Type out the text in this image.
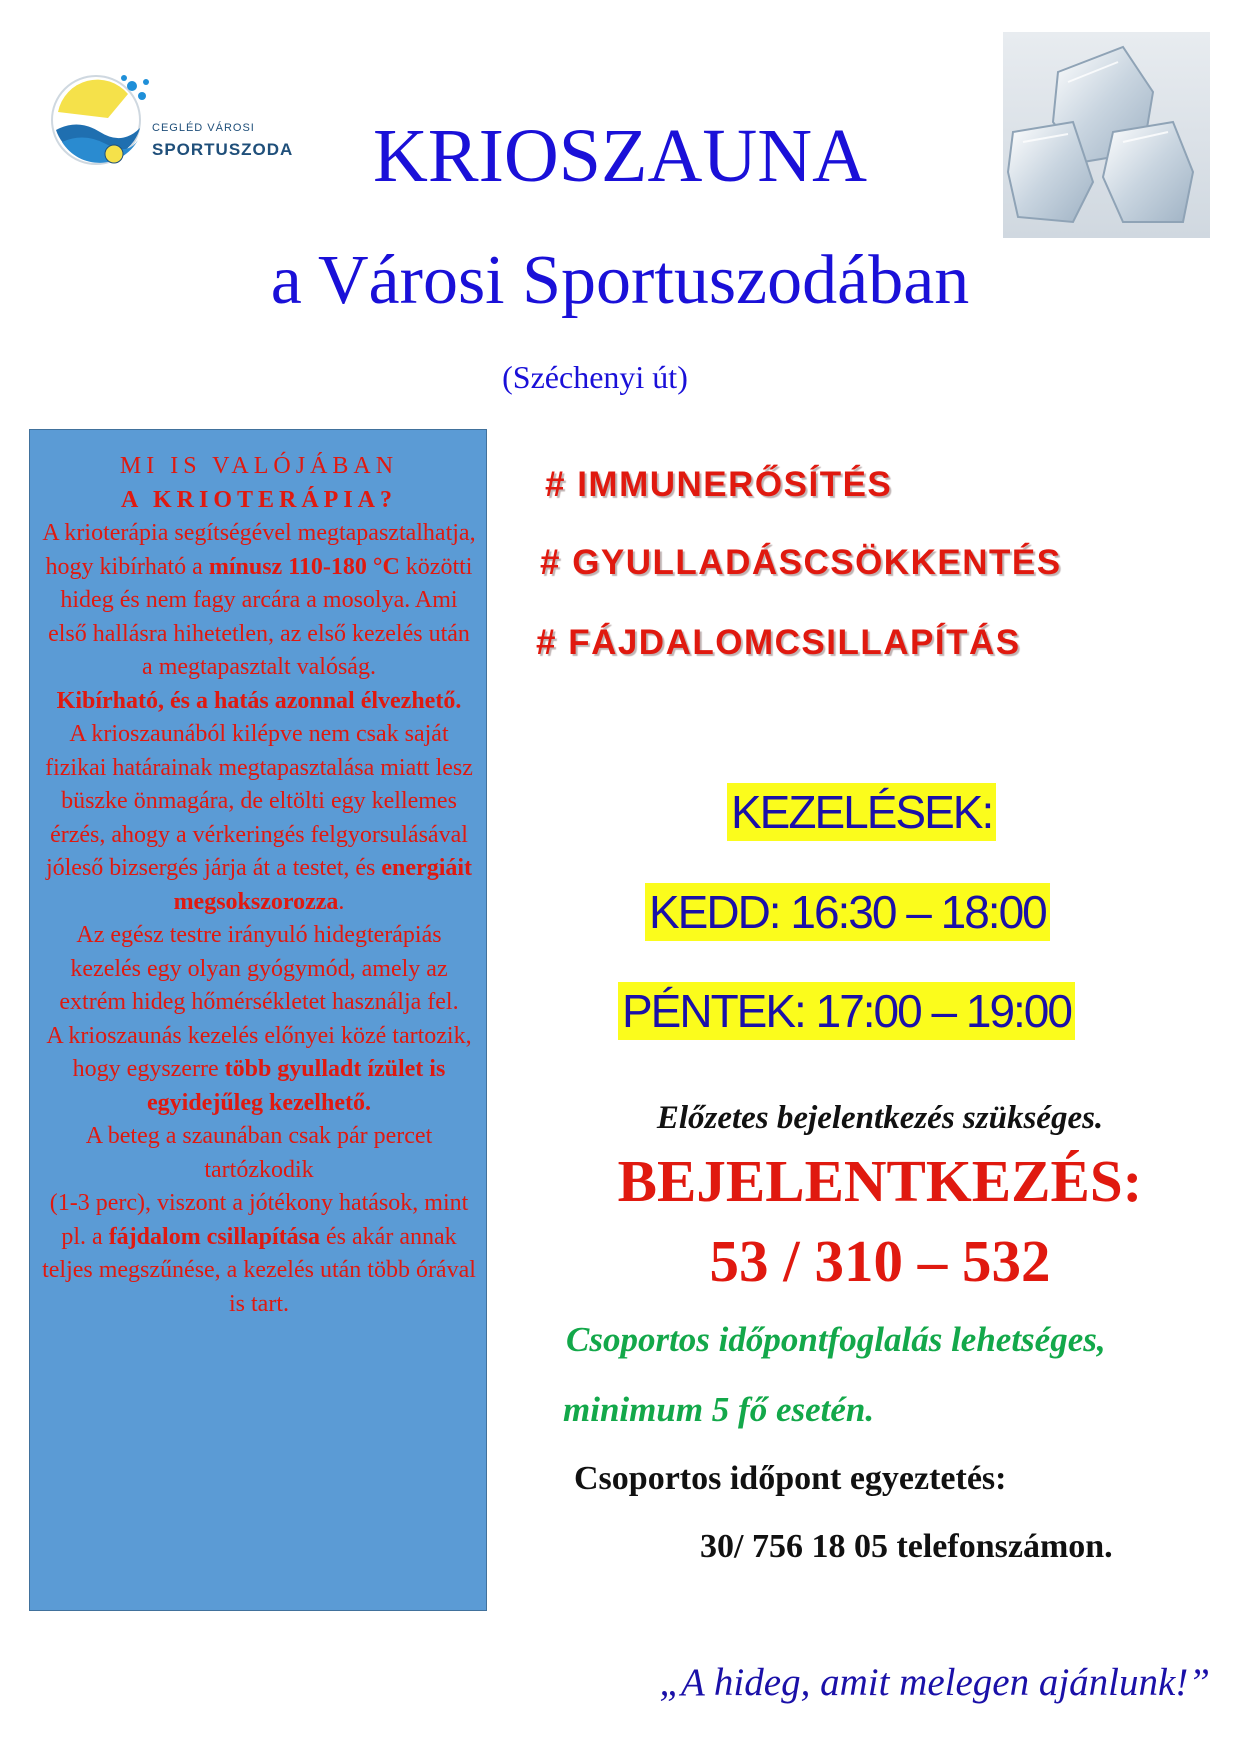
CEGLÉD VÁROSI
SPORTUSZODA	KRIOSZAUNA
a Városi Sportuszodában
(Széchenyi út)
MI IS VALÓJÁBAN
A KRIOTERÁPIA?
A krioterápia segítségével megtapasztalhatja, hogy kibírható a mínusz 110-180 °C közötti hideg és nem fagy arcára a mosolya. Ami első hallásra hihetetlen, az első kezelés után a megtapasztalt valóság.
Kibírható, és a hatás azonnal élvezhető.
A krioszaunából kilépve nem csak saját fizikai határainak megtapasztalása miatt lesz büszke önmagára, de eltölti egy kellemes érzés, ahogy a vérkeringés felgyorsulásával jóleső bizsergés járja át a testet, és energiáit megsokszorozza.
Az egész testre irányuló hidegterápiás kezelés egy olyan gyógymód, amely az extrém hideg hőmérsékletet használja fel.
A krioszaunás kezelés előnyei közé tartozik, hogy egyszerre több gyulladt ízület is egyidejűleg kezelhető.
A beteg a szaunában csak pár percet tartózkodik
(1-3 perc), viszont a jótékony hatások, mint pl. a fájdalom csillapítása és akár annak teljes megszűnése, a kezelés után több órával is tart.
# IMMUNERŐSÍTÉS
# GYULLADÁSCSÖKKENTÉS
# FÁJDALOMCSILLAPÍTÁS
KEZELÉSEK:
KEDD: 16:30 – 18:00
PÉNTEK: 17:00 – 19:00
Előzetes bejelentkezés szükséges.
BEJELENTKEZÉS:
53 / 310 – 532
Csoportos időpontfoglalás lehetséges,
minimum 5 fő esetén.
Csoportos időpont egyeztetés:
30/ 756 18 05 telefonszámon.
„A hideg, amit melegen ajánlunk!”
